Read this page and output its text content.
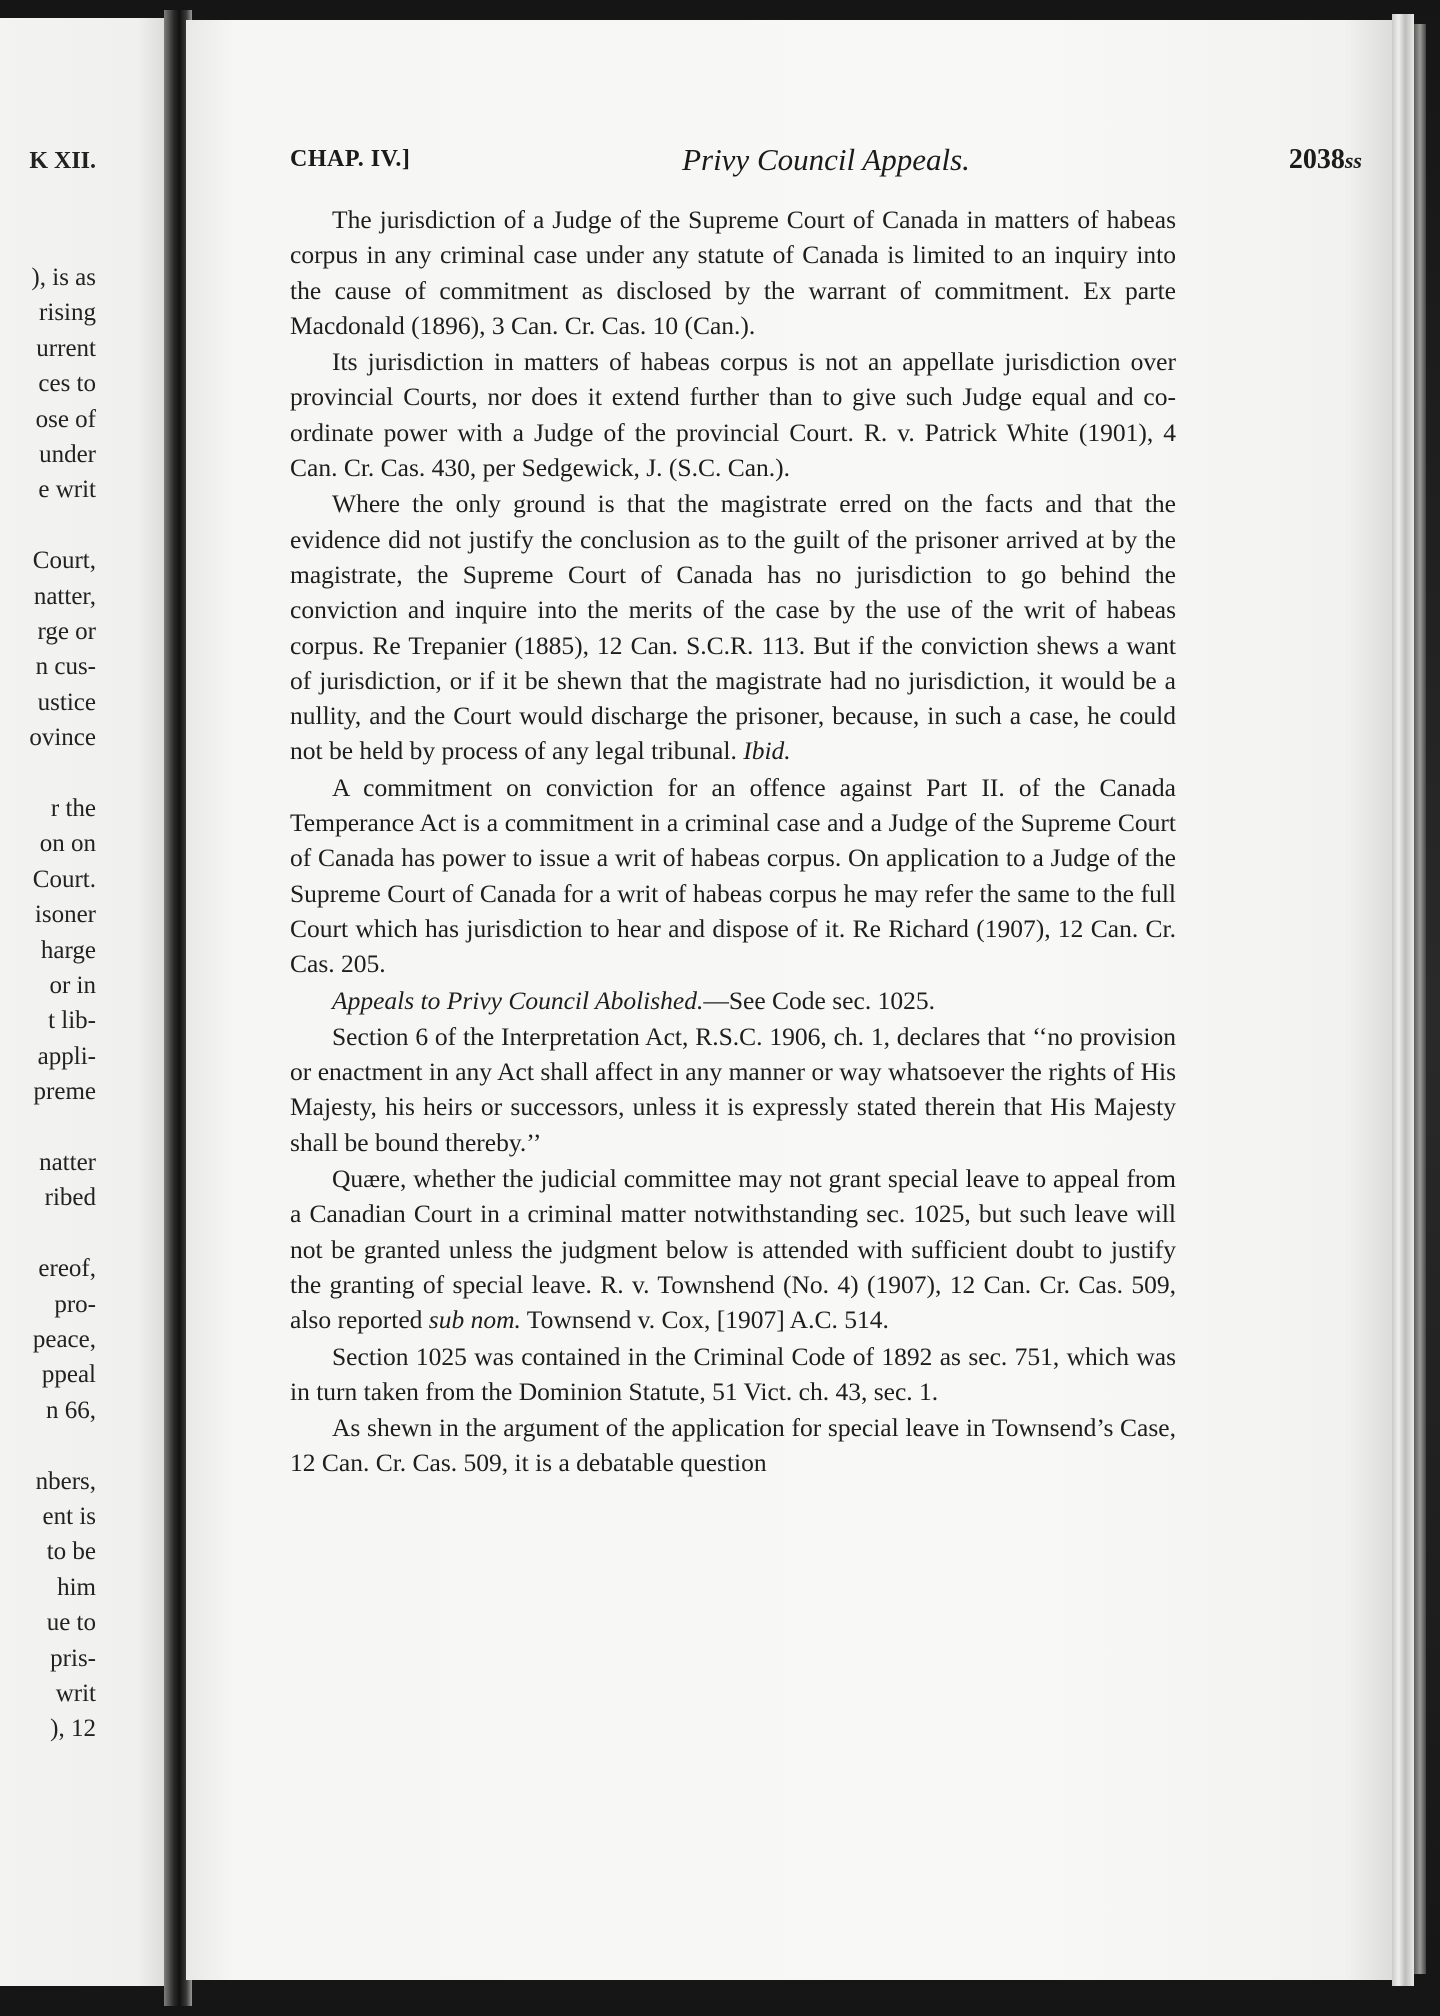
K XII.
), is as
rising
urrent
ces to
ose of
under
e writ
Court,
natter,
rge or
n cus-
ustice
ovince
r the
on on
Court.
isoner
harge
or in
t lib-
appli-
preme
natter
ribed
ereof,
pro-
peace,
ppeal
n 66,
nbers,
ent is
to be
him
ue to
pris-
writ
), 12
CHAP. IV.]	Privy Council Appeals.	2038ss

The jurisdiction of a Judge of the Supreme Court of Canada in matters of habeas corpus in any criminal case under any statute of Canada is limited to an inquiry into the cause of commitment as disclosed by the warrant of commitment. Ex parte Macdonald (1896), 3 Can. Cr. Cas. 10 (Can.).

Its jurisdiction in matters of habeas corpus is not an appellate jurisdiction over provincial Courts, nor does it extend further than to give such Judge equal and co-ordinate power with a Judge of the provincial Court. R. v. Patrick White (1901), 4 Can. Cr. Cas. 430, per Sedgewick, J. (S.C. Can.).

Where the only ground is that the magistrate erred on the facts and that the evidence did not justify the conclusion as to the guilt of the prisoner arrived at by the magistrate, the Supreme Court of Canada has no jurisdiction to go behind the conviction and inquire into the merits of the case by the use of the writ of habeas corpus. Re Trepanier (1885), 12 Can. S.C.R. 113. But if the conviction shews a want of jurisdiction, or if it be shewn that the magistrate had no jurisdiction, it would be a nullity, and the Court would discharge the prisoner, because, in such a case, he could not be held by process of any legal tribunal. Ibid.

A commitment on conviction for an offence against Part II. of the Canada Temperance Act is a commitment in a criminal case and a Judge of the Supreme Court of Canada has power to issue a writ of habeas corpus. On application to a Judge of the Supreme Court of Canada for a writ of habeas corpus he may refer the same to the full Court which has jurisdiction to hear and dispose of it. Re Richard (1907), 12 Can. Cr. Cas. 205.

Appeals to Privy Council Abolished.—See Code sec. 1025.

Section 6 of the Interpretation Act, R.S.C. 1906, ch. 1, declares that ‘‘no provision or enactment in any Act shall affect in any manner or way whatsoever the rights of His Majesty, his heirs or successors, unless it is expressly stated therein that His Majesty shall be bound thereby.’’

Quære, whether the judicial committee may not grant special leave to appeal from a Canadian Court in a criminal matter notwithstanding sec. 1025, but such leave will not be granted unless the judgment below is attended with sufficient doubt to justify the granting of special leave. R. v. Townshend (No. 4) (1907), 12 Can. Cr. Cas. 509, also reported sub nom. Townsend v. Cox, [1907] A.C. 514.

Section 1025 was contained in the Criminal Code of 1892 as sec. 751, which was in turn taken from the Dominion Statute, 51 Vict. ch. 43, sec. 1.

As shewn in the argument of the application for special leave in Townsend’s Case, 12 Can. Cr. Cas. 509, it is a debatable question
